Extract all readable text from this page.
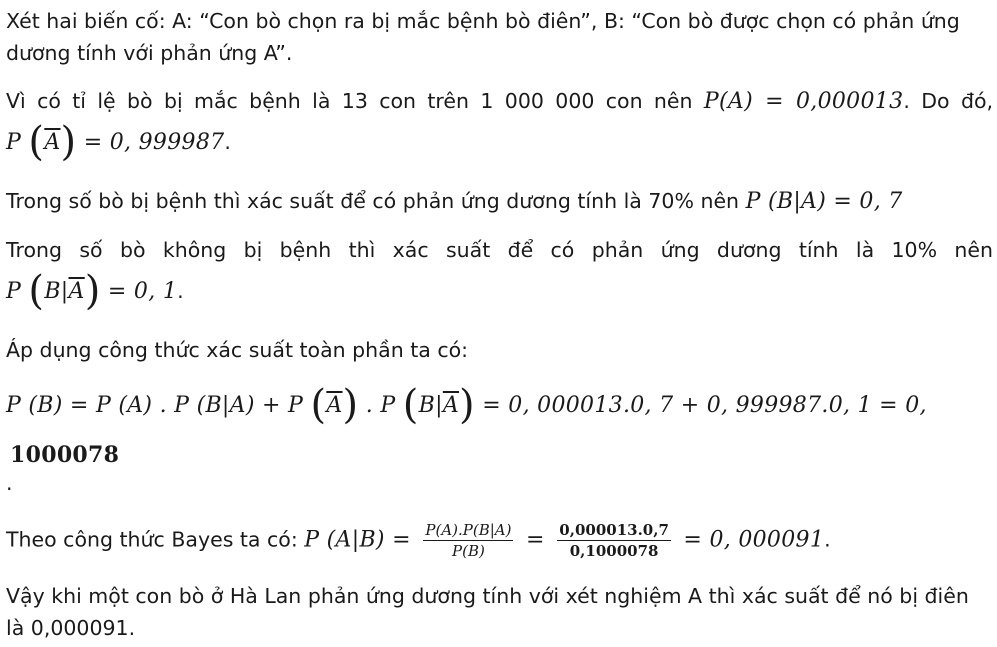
Xét hai biến cố: A: “Con bò chọn ra bị mắc bệnh bò điên”, B: “Con bò được chọn có phản ứng
dương tính với phản ứng A”.
Vì có tỉ lệ bò bị mắc bệnh là 13 con trên 1 000 000 con nên P(A) = 0,000013. Do đó,
P $(\overline{A}) = 0$, 999987.
Trong số bò bị bệnh thì xác suất để có phản ứng dương tính là 70% nên P (B|A) = 0, 7
Trong số bò không bị bệnh thì xác suất để có phản ứng dương tính là 10% nên
P $(B|\overline{A}) = 0$, 1.
Áp dụng công thức xác suất toàn phần ta có:
P (B) = P (A) . P (B|A) + P $(\overline{A})$ . P $(B|\overline{A}) = 0$, 000013.0, 7 + 0, 999987.0, 1 = 0,
1000078
.
Theo công thức Bayes ta có: P $(A|B) = \frac{P(A).P(B|A)}{P(B)} = \frac{0,000013.0,7}{0,1000078} = 0$, 000091.
Vậy khi một con bò ở Hà Lan phản ứng dương tính với xét nghiệm A thì xác suất để nó bị điên
là 0,000091.
